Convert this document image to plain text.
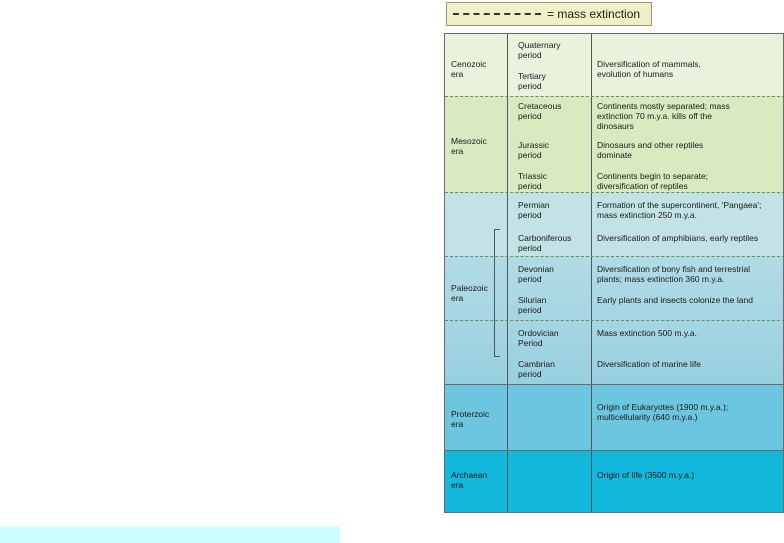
= mass extinction
Cenozoic
era
Mesozoic
era
Paleozoic
era
Proterzoic
era
Archaean
era
Quaternary
period
Tertiary
period
Cretaceous
period
Jurassic
period
Triassic
period
Permian
period
Carboniferous
period
Devonian
period
Silurian
period
Ordovician
Period
Cambrian
period
Diversification of mammals,
evolution of humans
Continents mostly separated; mass
extinction 70 m.y.a. kills off the
dinosaurs
Dinosaurs and other reptiles
dominate
Continents begin to separate;
diversification of reptiles
Formation of the supercontinent, 'Pangaea';
mass extinction 250 m.y.a.
Diversification of amphibians, early reptiles
Diversification of bony fish and terrestrial
plants; mass extinction 360 m.y.a.
Early plants and insects colonize the land
Mass extinction 500 m.y.a.
Diversification of marine life
Origin of Eukaryotes (1900 m.y.a.);
multicellularity (640 m.y.a.)
Origin of life (3500 m.y.a.)
